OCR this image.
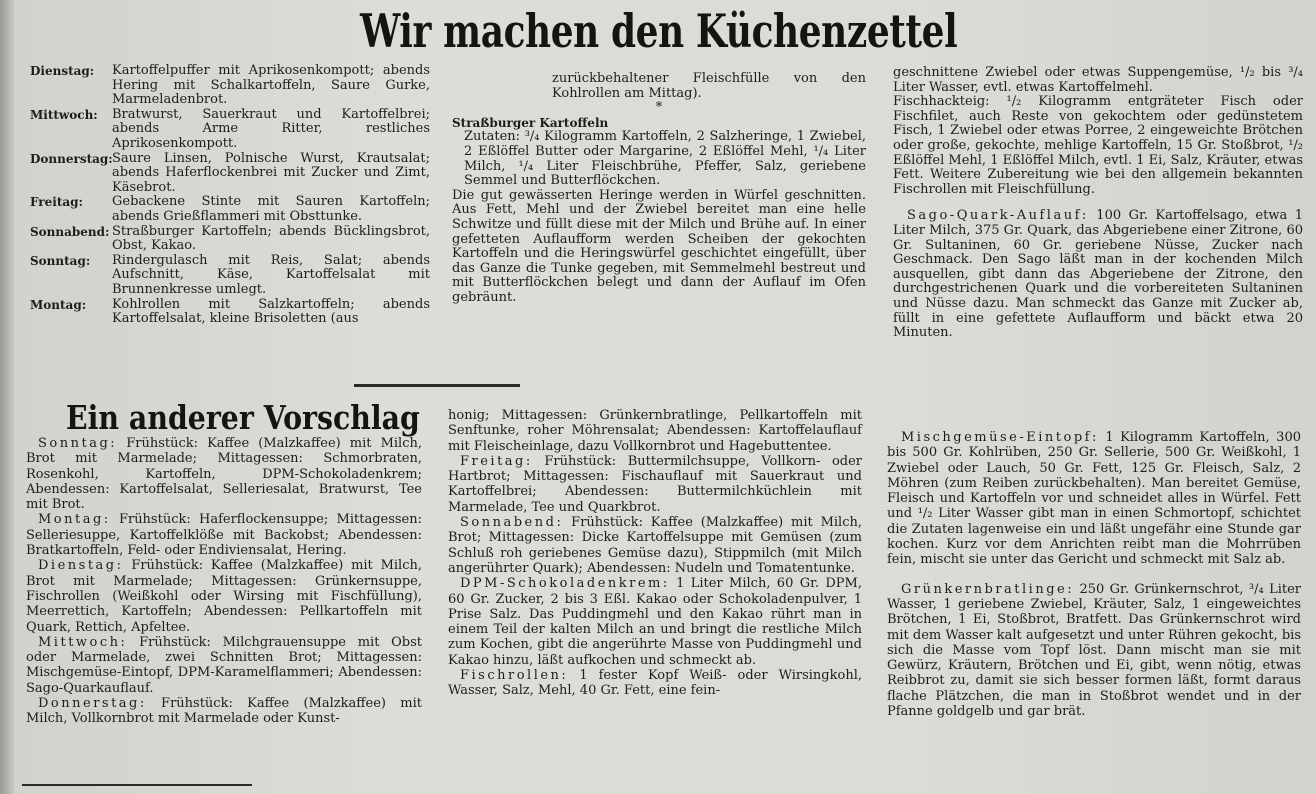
Wir machen den Küchenzettel
Dienstag: Kartoffelpuffer mit Aprikosenkompott; abends Hering mit Schalkartoffeln, Saure Gurke, Marmeladenbrot.
Mittwoch: Bratwurst, Sauerkraut und Kartoffelbrei; abends Arme Ritter, restliches Aprikosenkompott.
Donnerstag: Saure Linsen, Polnische Wurst, Krautsalat; abends Haferflockenbrei mit Zucker und Zimt, Käsebrot.
Freitag: Gebackene Stinte mit Sauren Kartoffeln; abends Grießflammeri mit Obsttunke.
Sonnabend: Straßburger Kartoffeln; abends Bücklingsbrot, Obst, Kakao.
Sonntag: Rindergulasch mit Reis, Salat; abends Aufschnitt, Käse, Kartoffelsalat mit Brunnenkresse umlegt.
Montag: Kohlrollen mit Salzkartoffeln; abends Kartoffelsalat, kleine Brisoletten (aus

zurückbehaltener Fleischfülle von den Kohlrollen am Mittag).

*

Straßburger Kartoffeln

Zutaten: ³/₄ Kilogramm Kartoffeln, 2 Salzheringe, 1 Zwiebel, 2 Eßlöffel Butter oder Margarine, 2 Eßlöffel Mehl, ¹/₄ Liter Milch, ¹/₄ Liter Fleischbrühe, Pfeffer, Salz, geriebene Semmel und Butterflöckchen.

Die gut gewässerten Heringe werden in Würfel geschnitten. Aus Fett, Mehl und der Zwiebel bereitet man eine helle Schwitze und füllt diese mit der Milch und Brühe auf. In einer gefetteten Auflaufform werden Scheiben der gekochten Kartoffeln und die Heringswürfel geschichtet eingefüllt, über das Ganze die Tunke gegeben, mit Semmelmehl bestreut und mit Butterflöckchen belegt und dann der Auflauf im Ofen gebräunt.

geschnittene Zwiebel oder etwas Suppengemüse, ¹/₂ bis ³/₄ Liter Wasser, evtl. etwas Kartoffelmehl.

Fischhackteig: ¹/₂ Kilogramm entgräteter Fisch oder Fischfilet, auch Reste von gekochtem oder gedünstetem Fisch, 1 Zwiebel oder etwas Porree, 2 eingeweichte Brötchen oder große, gekochte, mehlige Kartoffeln, 15 Gr. Stoßbrot, ¹/₂ Eßlöffel Mehl, 1 Eßlöffel Milch, evtl. 1 Ei, Salz, Kräuter, etwas Fett. Weitere Zubereitung wie bei den allgemein bekannten Fischrollen mit Fleischfüllung.

Sago-Quark-Auflauf: 100 Gr. Kartoffelsago, etwa 1 Liter Milch, 375 Gr. Quark, das Abgeriebene einer Zitrone, 60 Gr. Sultaninen, 60 Gr. geriebene Nüsse, Zucker nach Geschmack. Den Sago läßt man in der kochenden Milch ausquellen, gibt dann das Abgeriebene der Zitrone, den durchgestrichenen Quark und die vorbereiteten Sultaninen und Nüsse dazu. Man schmeckt das Ganze mit Zucker ab, füllt in eine gefettete Auflaufform und bäckt etwa 20 Minuten.

Ein anderer Vorschlag

Sonntag: Frühstück: Kaffee (Malzkaffee) mit Milch, Brot mit Marmelade; Mittagessen: Schmorbraten, Rosenkohl, Kartoffeln, DPM-Schokoladenkrem; Abendessen: Kartoffelsalat, Selleriesalat, Bratwurst, Tee mit Brot.

Montag: Frühstück: Haferflockensuppe; Mittagessen: Selleriesuppe, Kartoffelklöße mit Backobst; Abendessen: Bratkartoffeln, Feld- oder Endiviensalat, Hering.

Dienstag: Frühstück: Kaffee (Malzkaffee) mit Milch, Brot mit Marmelade; Mittagessen: Grünkernsuppe, Fischrollen (Weißkohl oder Wirsing mit Fischfüllung), Meerrettich, Kartoffeln; Abendessen: Pellkartoffeln mit Quark, Rettich, Apfeltee.

Mittwoch: Frühstück: Milchgrauensuppe mit Obst oder Marmelade, zwei Schnitten Brot; Mittagessen: Mischgemüse-Eintopf, DPM-Karamelflammeri; Abendessen: Sago-Quarkauflauf.

Donnerstag: Frühstück: Kaffee (Malzkaffee) mit Milch, Vollkornbrot mit Marmelade oder Kunst-

honig; Mittagessen: Grünkernbratlinge, Pellkartoffeln mit Senftunke, roher Möhrensalat; Abendessen: Kartoffelauflauf mit Fleischeinlage, dazu Vollkornbrot und Hagebuttentee.

Freitag: Frühstück: Buttermilchsuppe, Vollkorn- oder Hartbrot; Mittagessen: Fischauflauf mit Sauerkraut und Kartoffelbrei; Abendessen: Buttermilchküchlein mit Marmelade, Tee und Quarkbrot.

Sonnabend: Frühstück: Kaffee (Malzkaffee) mit Milch, Brot; Mittagessen: Dicke Kartoffelsuppe mit Gemüsen (zum Schluß roh geriebenes Gemüse dazu), Stippmilch (mit Milch angerührter Quark); Abendessen: Nudeln und Tomatentunke.

DPM-Schokoladenkrem: 1 Liter Milch, 60 Gr. DPM, 60 Gr. Zucker, 2 bis 3 Eßl. Kakao oder Schokoladenpulver, 1 Prise Salz. Das Puddingmehl und den Kakao rührt man in einem Teil der kalten Milch an und bringt die restliche Milch zum Kochen, gibt die angerührte Masse von Puddingmehl und Kakao hinzu, läßt aufkochen und schmeckt ab.

Fischrollen: 1 fester Kopf Weiß- oder Wirsingkohl, Wasser, Salz, Mehl, 40 Gr. Fett, eine fein-

Mischgemüse-Eintopf: 1 Kilogramm Kartoffeln, 300 bis 500 Gr. Kohlrüben, 250 Gr. Sellerie, 500 Gr. Weißkohl, 1 Zwiebel oder Lauch, 50 Gr. Fett, 125 Gr. Fleisch, Salz, 2 Möhren (zum Reiben zurückbehalten). Man bereitet Gemüse, Fleisch und Kartoffeln vor und schneidet alles in Würfel. Fett und ¹/₂ Liter Wasser gibt man in einen Schmortopf, schichtet die Zutaten lagenweise ein und läßt ungefähr eine Stunde gar kochen. Kurz vor dem Anrichten reibt man die Mohrrüben fein, mischt sie unter das Gericht und schmeckt mit Salz ab.

Grünkernbratlinge: 250 Gr. Grünkernschrot, ³/₄ Liter Wasser, 1 geriebene Zwiebel, Kräuter, Salz, 1 eingeweichtes Brötchen, 1 Ei, Stoßbrot, Bratfett. Das Grünkernschrot wird mit dem Wasser kalt aufgesetzt und unter Rühren gekocht, bis sich die Masse vom Topf löst. Dann mischt man sie mit Gewürz, Kräutern, Brötchen und Ei, gibt, wenn nötig, etwas Reibbrot zu, damit sie sich besser formen läßt, formt daraus flache Plätzchen, die man in Stoßbrot wendet und in der Pfanne goldgelb und gar brät.
